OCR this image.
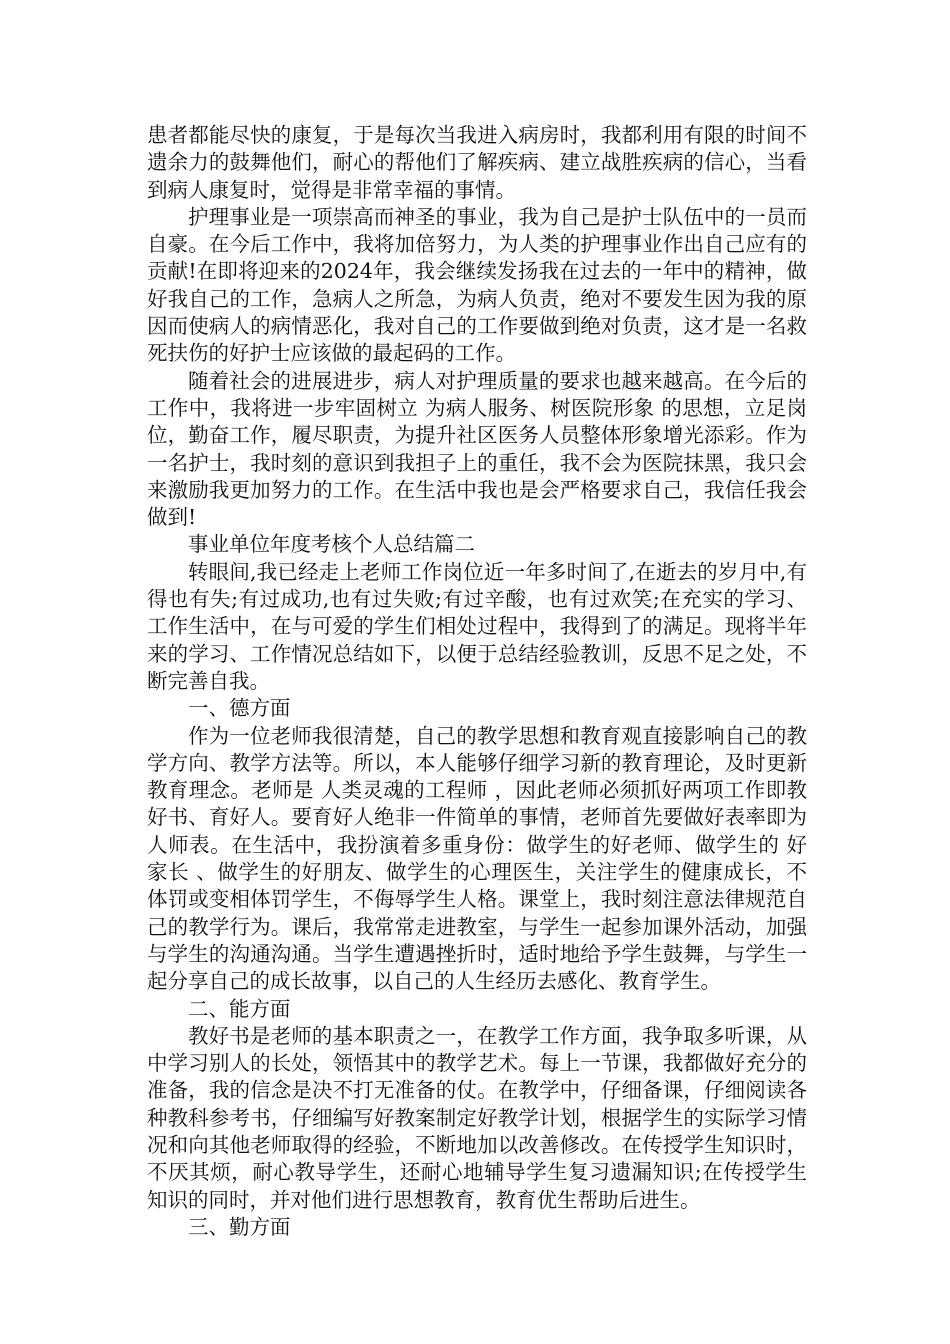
患者都能尽快的康复，于是每次当我进入病房时，我都利用有限的时间不遗余力的鼓舞他们，耐心的帮他们了解疾病、建立战胜疾病的信心，当看到病人康复时，觉得是非常幸福的事情。

护理事业是一项崇高而神圣的事业，我为自己是护士队伍中的一员而自豪。在今后工作中，我将加倍努力，为人类的护理事业作出自己应有的贡献!在即将迎来的2024年，我会继续发扬我在过去的一年中的精神，做好我自己的工作，急病人之所急，为病人负责，绝对不要发生因为我的原因而使病人的病情恶化，我对自己的工作要做到绝对负责，这才是一名救死扶伤的好护士应该做的最起码的工作。

随着社会的进展进步，病人对护理质量的要求也越来越高。在今后的工作中，我将进一步牢固树立 为病人服务、树医院形象 的思想，立足岗位，勤奋工作，履尽职责，为提升社区医务人员整体形象增光添彩。作为一名护士，我时刻的意识到我担子上的重任，我不会为医院抹黑，我只会来激励我更加努力的工作。在生活中我也是会严格要求自己，我信任我会做到!

事业单位年度考核个人总结篇二

转眼间,我已经走上老师工作岗位近一年多时间了,在逝去的岁月中,有得也有失;有过成功,也有过失败;有过辛酸，也有过欢笑;在充实的学习、工作生活中，在与可爱的学生们相处过程中，我得到了的满足。现将半年来的学习、工作情况总结如下，以便于总结经验教训，反思不足之处，不断完善自我。

一、德方面

作为一位老师我很清楚，自己的教学思想和教育观直接影响自己的教学方向、教学方法等。所以，本人能够仔细学习新的教育理论，及时更新教育理念。老师是 人类灵魂的工程师 ，因此老师必须抓好两项工作即教好书、育好人。要育好人绝非一件简单的事情，老师首先要做好表率即为人师表。在生活中，我扮演着多重身份：做学生的好老师、做学生的 好家长 、做学生的好朋友、做学生的心理医生，关注学生的健康成长，不体罚或变相体罚学生，不侮辱学生人格。课堂上，我时刻注意法律规范自己的教学行为。课后，我常常走进教室，与学生一起参加课外活动，加强与学生的沟通沟通。当学生遭遇挫折时，适时地给予学生鼓舞，与学生一起分享自己的成长故事，以自己的人生经历去感化、教育学生。

二、能方面

教好书是老师的基本职责之一，在教学工作方面，我争取多听课，从中学习别人的长处，领悟其中的教学艺术。每上一节课，我都做好充分的准备，我的信念是决不打无准备的仗。在教学中，仔细备课，仔细阅读各种教科参考书，仔细编写好教案制定好教学计划，根据学生的实际学习情况和向其他老师取得的经验，不断地加以改善修改。在传授学生知识时，不厌其烦，耐心教导学生，还耐心地辅导学生复习遗漏知识;在传授学生知识的同时，并对他们进行思想教育，教育优生帮助后进生。

三、勤方面
